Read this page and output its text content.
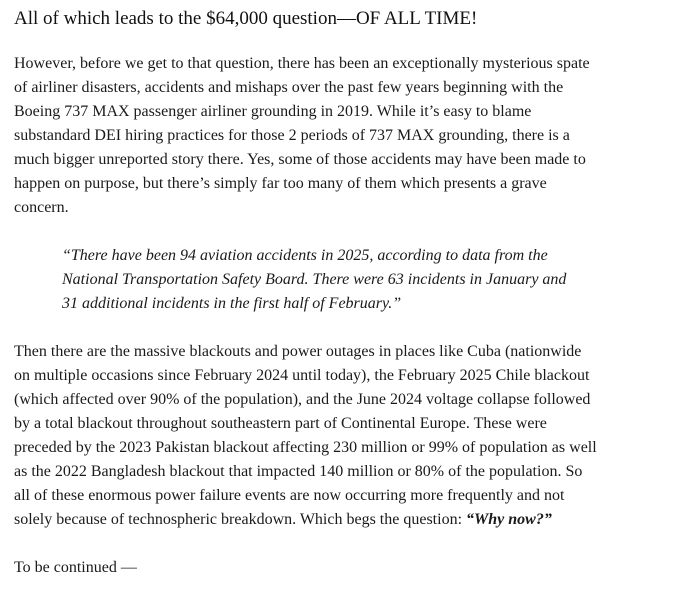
All of which leads to the $64,000 question—OF ALL TIME!

However, before we get to that question, there has been an exceptionally mysterious spate
of airliner disasters, accidents and mishaps over the past few years beginning with the
Boeing 737 MAX passenger airliner grounding in 2019. While it’s easy to blame
substandard DEI hiring practices for those 2 periods of 737 MAX grounding, there is a
much bigger unreported story there. Yes, some of those accidents may have been made to
happen on purpose, but there’s simply far too many of them which presents a grave
concern.

“There have been 94 aviation accidents in 2025, according to data from the
National Transportation Safety Board. There were 63 incidents in January and
31 additional incidents in the first half of February.”

Then there are the massive blackouts and power outages in places like Cuba (nationwide
on multiple occasions since February 2024 until today), the February 2025 Chile blackout
(which affected over 90% of the population), and the June 2024 voltage collapse followed
by a total blackout throughout southeastern part of Continental Europe. These were
preceded by the 2023 Pakistan blackout affecting 230 million or 99% of population as well
as the 2022 Bangladesh blackout that impacted 140 million or 80% of the population. So
all of these enormous power failure events are now occurring more frequently and not
solely because of technospheric breakdown. Which begs the question: “Why now?”

To be continued —
